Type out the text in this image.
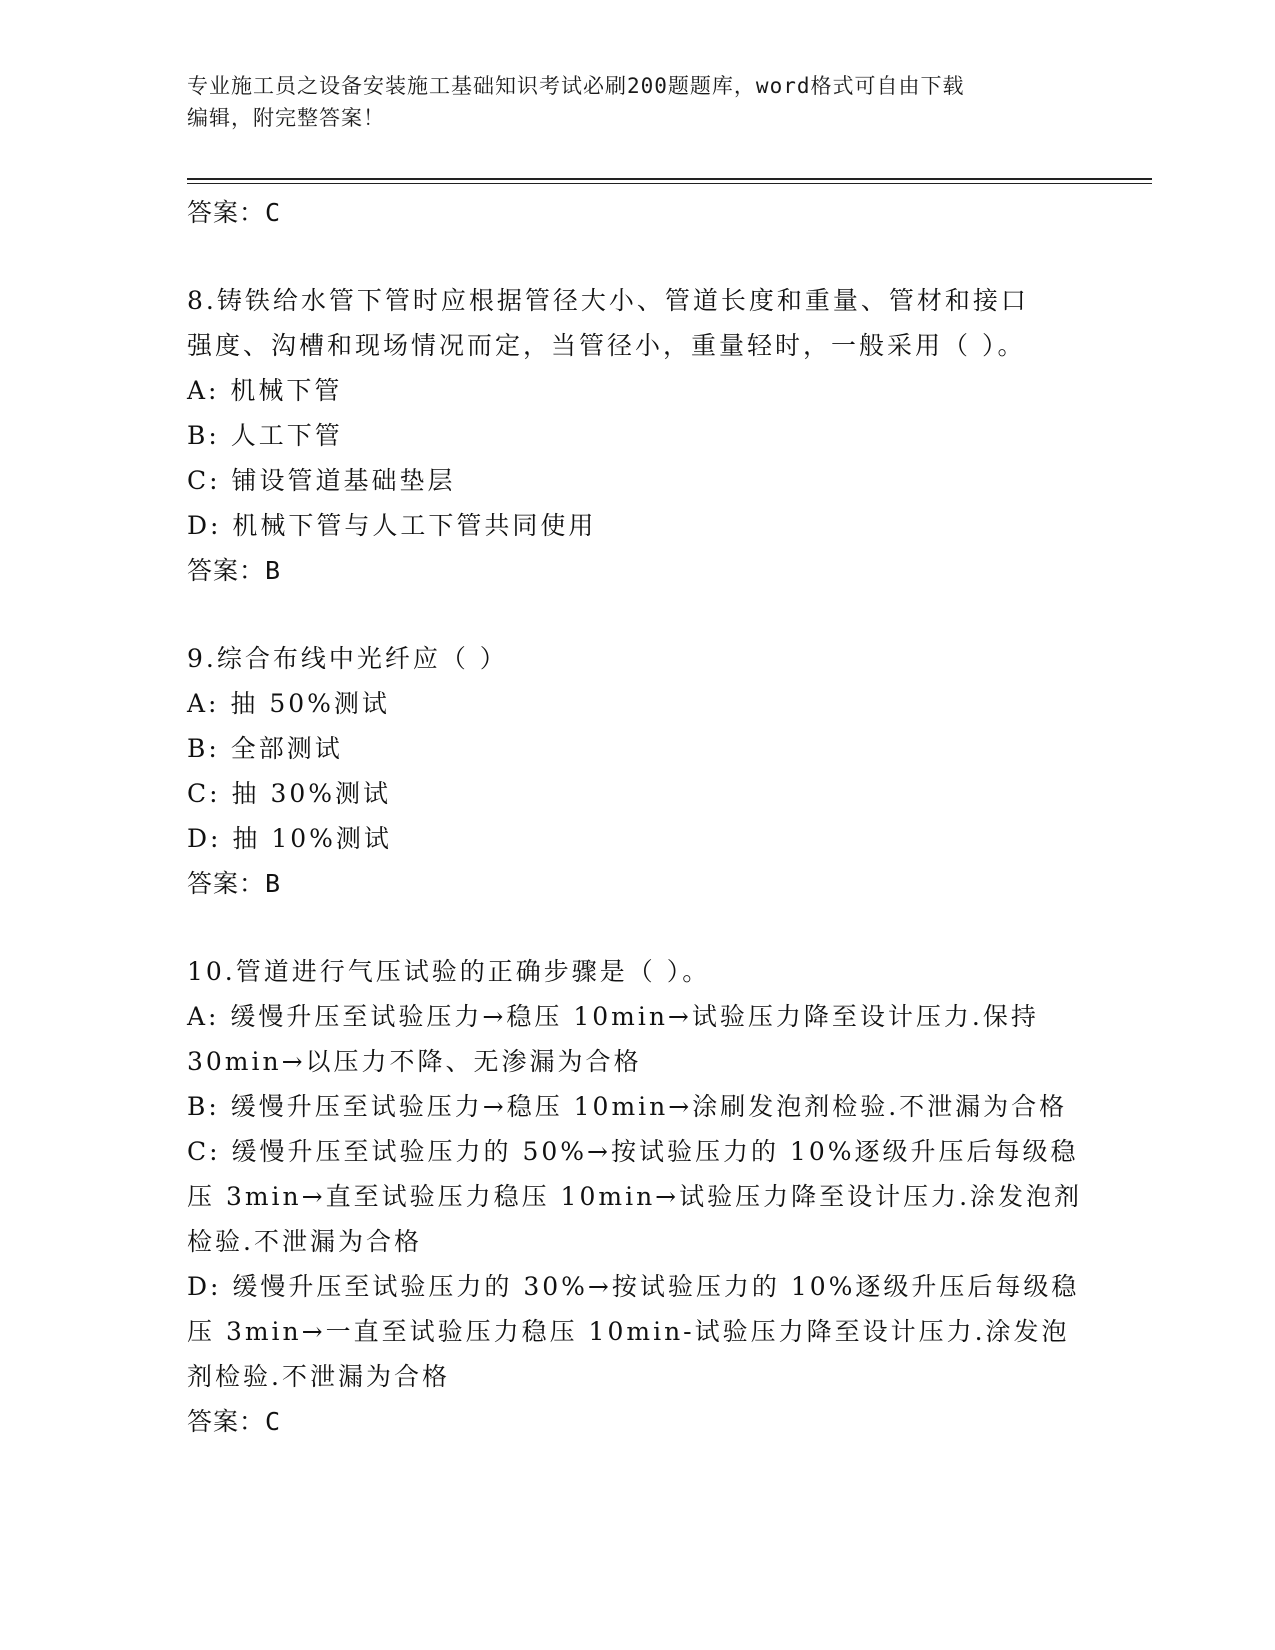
专业施工员之设备安装施工基础知识考试必刷200题题库，word格式可自由下载
编辑，附完整答案！
答案：C
8.铸铁给水管下管时应根据管径大小、管道长度和重量、管材和接口
强度、沟槽和现场情况而定，当管径小，重量轻时，一般采用（ ）。
A: 机械下管
B: 人工下管
C: 铺设管道基础垫层
D: 机械下管与人工下管共同使用
答案：B
9.综合布线中光纤应（ ）
A: 抽 50%测试
B: 全部测试
C: 抽 30%测试
D: 抽 10%测试
答案：B
10.管道进行气压试验的正确步骤是（ ）。
A: 缓慢升压至试验压力→稳压 10min→试验压力降至设计压力.保持
30min→以压力不降、无渗漏为合格
B: 缓慢升压至试验压力→稳压 10min→涂刷发泡剂检验.不泄漏为合格
C: 缓慢升压至试验压力的 50%→按试验压力的 10%逐级升压后每级稳
压 3min→直至试验压力稳压 10min→试验压力降至设计压力.涂发泡剂
检验.不泄漏为合格
D: 缓慢升压至试验压力的 30%→按试验压力的 10%逐级升压后每级稳
压 3min→一直至试验压力稳压 10min-试验压力降至设计压力.涂发泡
剂检验.不泄漏为合格
答案：C
